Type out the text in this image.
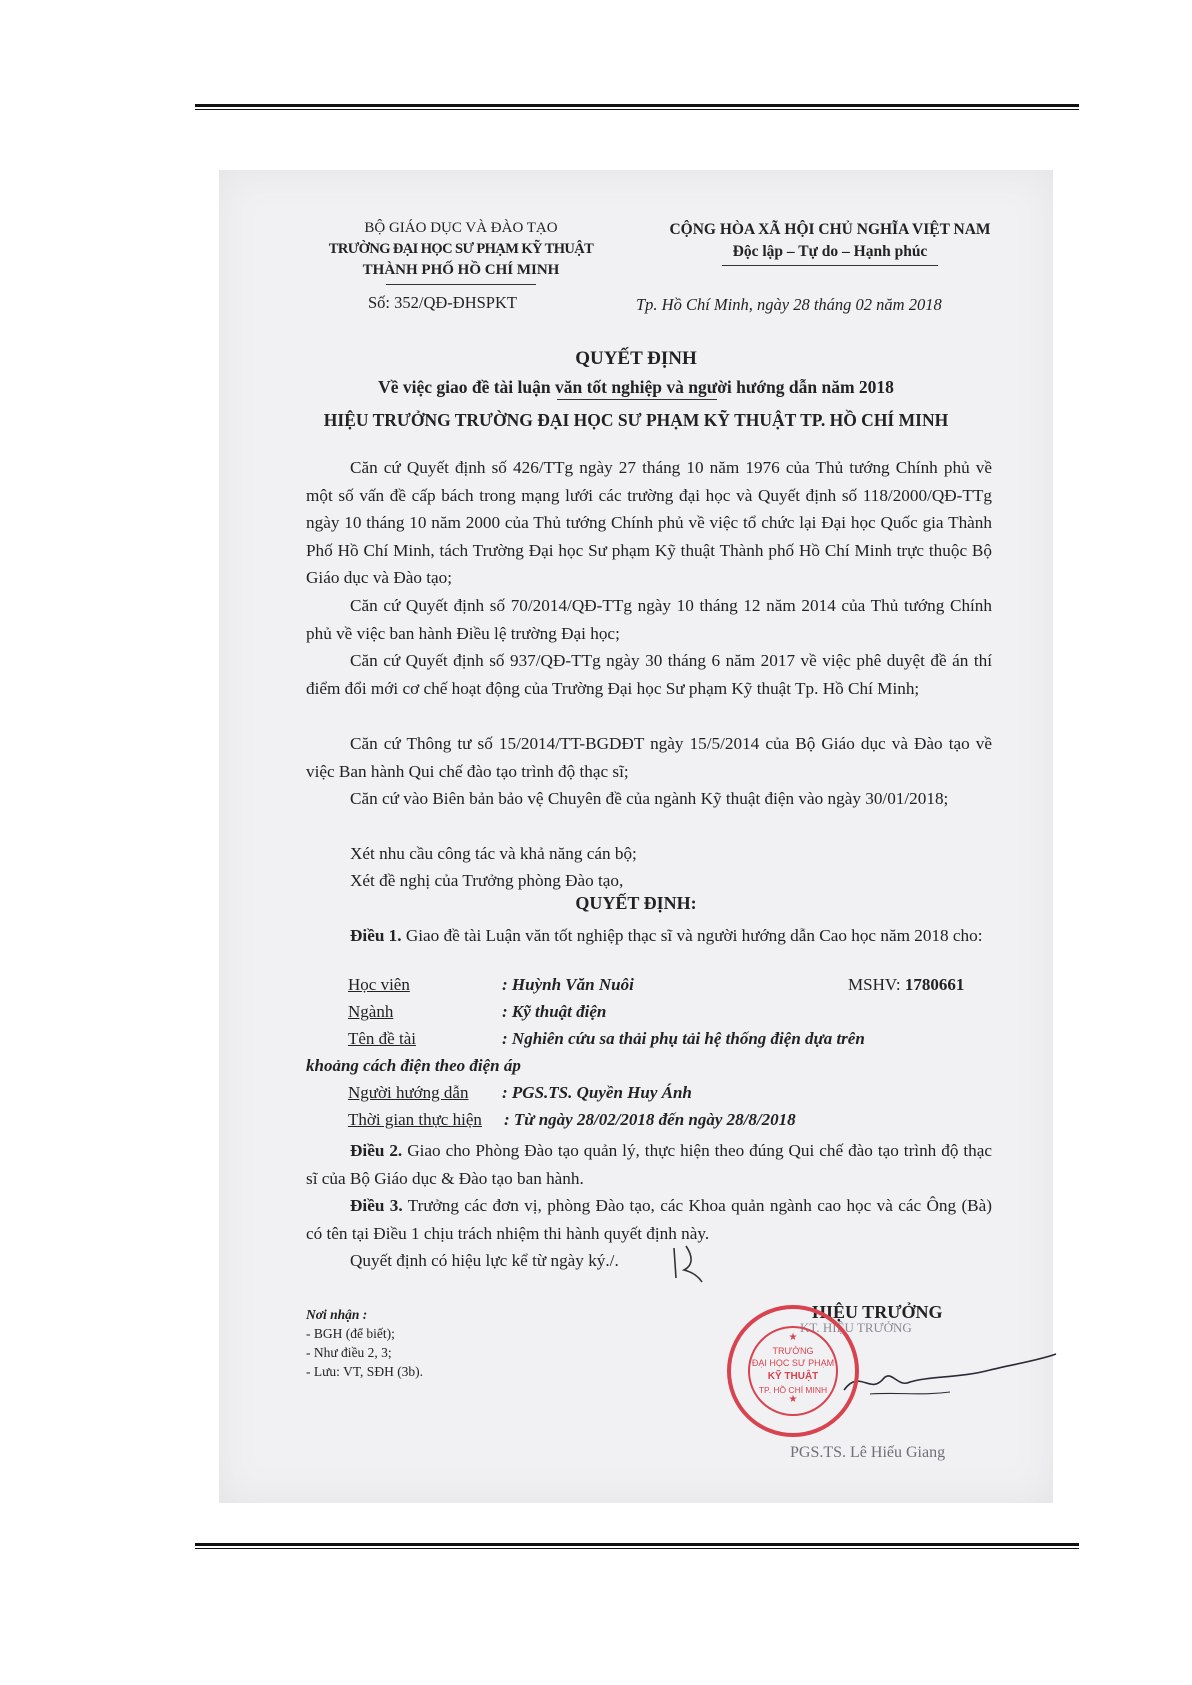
BỘ GIÁO DỤC VÀ ĐÀO TẠO
TRƯỜNG ĐẠI HỌC SƯ PHẠM KỸ THUẬT
THÀNH PHỐ HỒ CHÍ MINH
Số: 352/QĐ-ĐHSPKT
CỘNG HÒA XÃ HỘI CHỦ NGHĨA VIỆT NAM
Độc lập – Tự do – Hạnh phúc
Tp. Hồ Chí Minh, ngày 28 tháng 02 năm 2018
QUYẾT ĐỊNH
Về việc giao đề tài luận văn tốt nghiệp và người hướng dẫn năm 2018
HIỆU TRƯỞNG TRƯỜNG ĐẠI HỌC SƯ PHẠM KỸ THUẬT TP. HỒ CHÍ MINH
Căn cứ Quyết định số 426/TTg ngày 27 tháng 10 năm 1976 của Thủ tướng Chính phủ về một số vấn đề cấp bách trong mạng lưới các trường đại học và Quyết định số 118/2000/QĐ-TTg ngày 10 tháng 10 năm 2000 của Thủ tướng Chính phủ về việc tổ chức lại Đại học Quốc gia Thành Phố Hồ Chí Minh, tách Trường Đại học Sư phạm Kỹ thuật Thành phố Hồ Chí Minh trực thuộc Bộ Giáo dục và Đào tạo;
Căn cứ Quyết định số 70/2014/QĐ-TTg ngày 10 tháng 12 năm 2014 của Thủ tướng Chính phủ về việc ban hành Điều lệ trường Đại học;
Căn cứ Quyết định số 937/QĐ-TTg ngày 30 tháng 6 năm 2017 về việc phê duyệt đề án thí điểm đổi mới cơ chế hoạt động của Trường Đại học Sư phạm Kỹ thuật Tp. Hồ Chí Minh;
Căn cứ Thông tư số 15/2014/TT-BGDĐT ngày 15/5/2014 của Bộ Giáo dục và Đào tạo về việc Ban hành Qui chế đào tạo trình độ thạc sĩ;
Căn cứ vào Biên bản bảo vệ Chuyên đề của ngành Kỹ thuật điện vào ngày 30/01/2018;
Xét nhu cầu công tác và khả năng cán bộ;
Xét đề nghị của Trưởng phòng Đào tạo,
QUYẾT ĐỊNH:
Điều 1. Giao đề tài Luận văn tốt nghiệp thạc sĩ và người hướng dẫn Cao học năm 2018 cho:
Học viên	: Huỳnh Văn Nuôi	MSHV: 1780661
Ngành	: Kỹ thuật điện
Tên đề tài	: Nghiên cứu sa thải phụ tải hệ thống điện dựa trên
khoảng cách điện theo điện áp
Người hướng dẫn : PGS.TS. Quyền Huy Ánh
Thời gian thực hiện : Từ ngày 28/02/2018 đến ngày 28/8/2018
Điều 2. Giao cho Phòng Đào tạo quản lý, thực hiện theo đúng Qui chế đào tạo trình độ thạc sĩ của Bộ Giáo dục & Đào tạo ban hành.
Điều 3. Trưởng các đơn vị, phòng Đào tạo, các Khoa quản ngành cao học và các Ông (Bà) có tên tại Điều 1 chịu trách nhiệm thi hành quyết định này.
Quyết định có hiệu lực kể từ ngày ký./.
Nơi nhận :
- BGH (để biết);
- Như điều 2, 3;
- Lưu: VT, SĐH (3b).
HIỆU TRƯỞNG
KT. HIỆU TRƯỞNG
★
★
TRƯỜNG
ĐẠI HỌC SƯ PHẠM
KỸ THUẬT
TP. HỒ CHÍ MINH
PGS.TS. Lê Hiếu Giang
